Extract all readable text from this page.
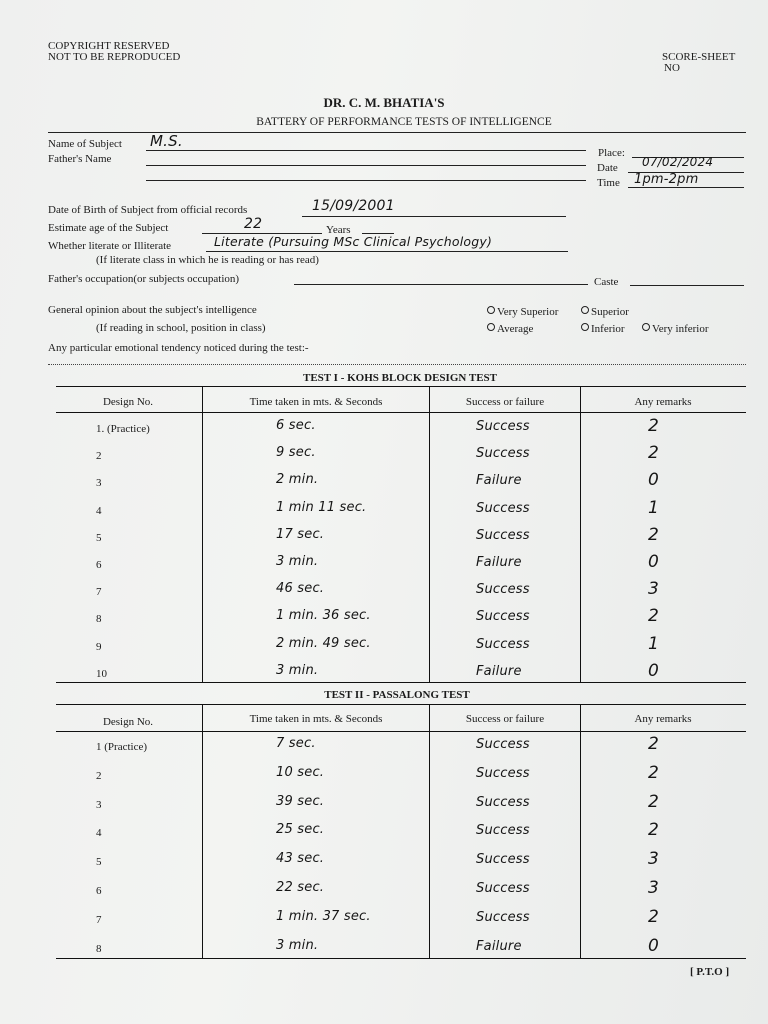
COPYRIGHT RESERVED
NOT TO BE REPRODUCED	SCORE-SHEET
NO
DR. C. M. BHATIA'S
BATTERY OF PERFORMANCE TESTS OF INTELLIGENCE
Name of Subject M.S.
Place:
Father's Name
Date 07/02/2024
Time 1pm-2pm
Date of Birth of Subject from official records	15/09/2001
Estimate age of the Subject	22	Years
Whether literate or Illiterate	Literate (Pursuing MSc Clinical Psychology)
(If literate class in which he is reading or has read)
Father's occupation(or subjects occupation)	Caste
General opinion about the subject's intelligence
(If reading in school, position in class)
Any particular emotional tendency noticed during the test:-
Very Superior	Superior
Average	Inferior	Very inferior
TEST I - KOHS BLOCK DESIGN TEST
Design No.	Time taken in mts. & Seconds	Success or failure	Any remarks
1. (Practice)	6 sec.	Success	2
2	9 sec.	Success	2
3	2 min.	Failure	0
4	1 min 11 sec.	Success	1
5	17 sec.	Success	2
6	3 min.	Failure	0
7	46 sec.	Success	3
8	1 min. 36 sec.	Success	2
9	2 min. 49 sec.	Success	1
10	3 min.	Failure	0
TEST II - PASSALONG TEST
Design No.	Time taken in mts. & Seconds	Success or failure	Any remarks
1 (Practice)	7 sec.	Success	2
2	10 sec.	Success	2
3	39 sec.	Success	2
4	25 sec.	Success	2
5	43 sec.	Success	3
6	22 sec.	Success	3
7	1 min. 37 sec.	Success	2
8	3 min.	Failure	0
[ P.T.O ]
